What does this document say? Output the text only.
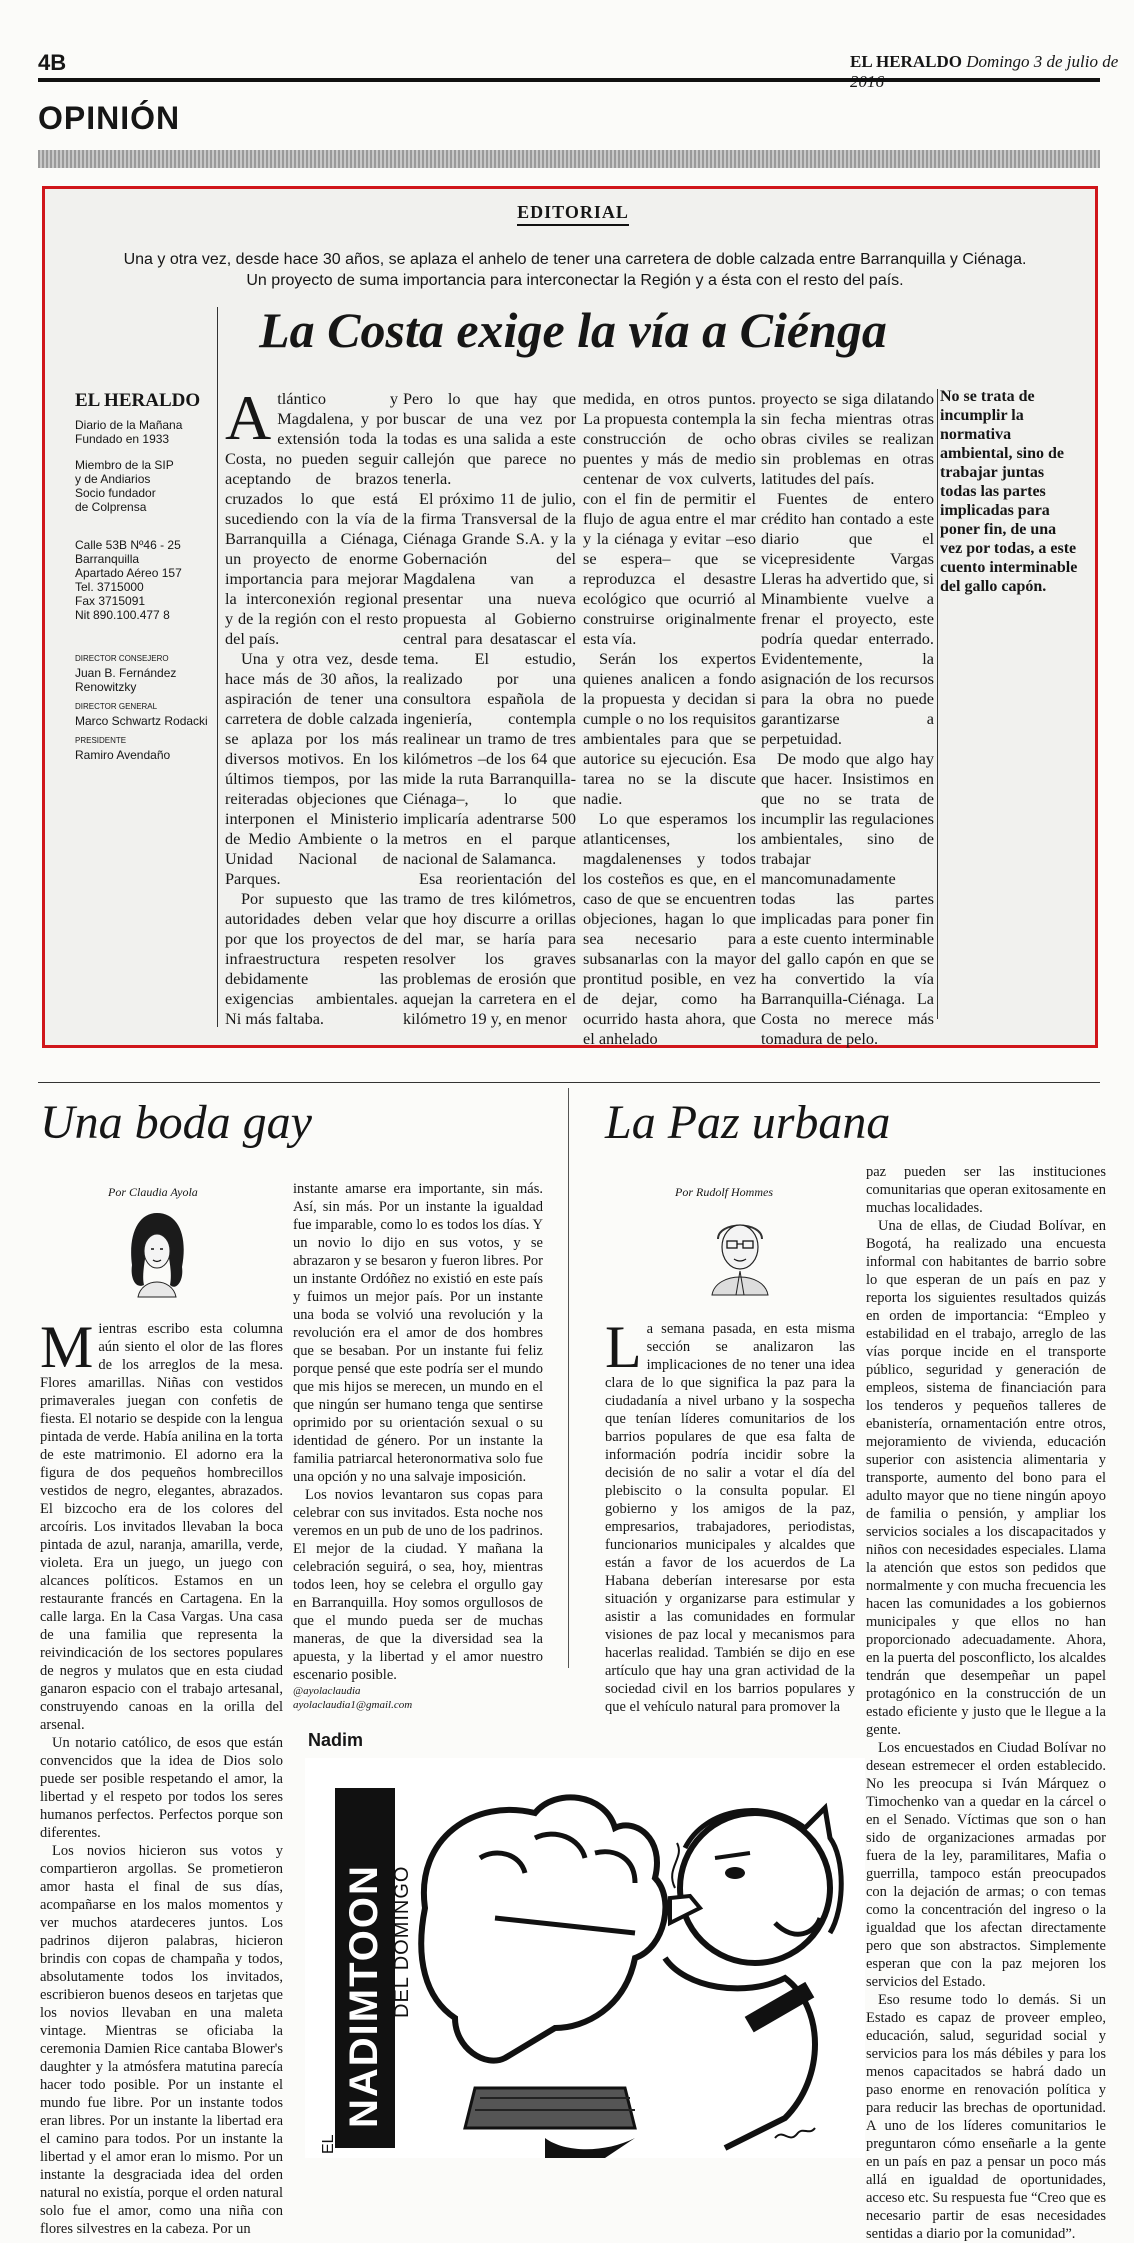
4B	EL HERALDO Domingo 3 de julio de
OPINIÓN
EDITORIAL
Una y otra vez, desde hace 30 años, se aplaza el anhelo de tener una carretera de doble calzada entre Barranquilla y Ciénaga. Un proyecto de suma importancia para interconectar la Región y a ésta con el resto del país.
La Costa exige la vía a Ciénga
EL HERALDO
Diario de la Mañana
Fundado en 1933
Miembro de la SIP
y de Andiarios
Socio fundador
de Colprensa
Calle 53B Nº46 - 25
Barranquilla
Apartado Aéreo 157
Tel. 3715000
Fax 3715091
Nit 890.100.477 8
DIRECTOR CONSEJERO
Juan B. Fernández
Renowitzky
DIRECTOR GENERAL
Marco Schwartz Rodacki
PRESIDENTE
Ramiro Avendaño
A tlántico y Magdalena, y por extensión toda la Costa, no pueden seguir aceptando de brazos cruzados lo que está sucediendo con la vía de Barranquilla a Ciénaga, un proyecto de enorme importancia para mejorar la interconexión regional y de la región con el resto del país.

Una y otra vez, desde hace más de 30 años, la aspiración de tener una carretera de doble calzada se aplaza por los más diversos motivos. En los últimos tiempos, por las reiteradas objeciones que interponen el Ministerio de Medio Ambiente o la Unidad Nacional de Parques.

Por supuesto que las autoridades deben velar por que los proyectos de infraestructura respeten debidamente las exigencias ambientales. Ni más faltaba.

Pero lo que hay que buscar de una vez por todas es una salida a este callejón que parece no tenerla.

El próximo 11 de julio, la firma Transversal de la Ciénaga Grande S.A. y la Gobernación del Magdalena van a presentar una nueva propuesta al Gobierno central para desatascar el tema. El estudio, realizado por una consultora española de ingeniería, contempla realinear un tramo de tres kilómetros –de los 64 que mide la ruta Barranquilla-Ciénaga–, lo que implicaría adentrarse 500 metros en el parque nacional de Salamanca.

Esa reorientación del tramo de tres kilómetros, que hoy discurre a orillas del mar, se haría para resolver los graves problemas de erosión que aquejan la carretera en el kilómetro 19 y, en menor

medida, en otros puntos. La propuesta contempla la construcción de ocho puentes y más de medio centenar de vox culverts, con el fin de permitir el flujo de agua entre el mar y la ciénaga y evitar –eso se espera– que se reproduzca el desastre ecológico que ocurrió al construirse originalmente esta vía.

Serán los expertos quienes analicen a fondo la propuesta y decidan si cumple o no los requisitos ambientales para que se autorice su ejecución. Esa tarea no se la discute nadie.

Lo que esperamos los atlanticenses, los magdalenenses y todos los costeños es que, en el caso de que se encuentren objeciones, hagan lo que sea necesario para subsanarlas con la mayor prontitud posible, en vez de dejar, como ha ocurrido hasta ahora, que el anhelado

proyecto se siga dilatando sin fecha mientras otras obras civiles se realizan sin problemas en otras latitudes del país.

Fuentes de entero crédito han contado a este diario que el vicepresidente Vargas Lleras ha advertido que, si Minambiente vuelve a frenar el proyecto, este podría quedar enterrado. Evidentemente, la asignación de los recursos para la obra no puede garantizarse a perpetuidad.

De modo que algo hay que hacer. Insistimos en que no se trata de incumplir las regulaciones ambientales, sino de trabajar mancomunadamente todas las partes implicadas para poner fin a este cuento interminable del gallo capón en que se ha convertido la vía Barranquilla-Ciénaga. La Costa no merece más tomadura de pelo.

No se trata de incumplir la normativa ambiental, sino de trabajar juntas todas las partes implicadas para poner fin, de una vez por todas, a este cuento interminable del gallo capón.
Una boda gay
Por Claudia Ayola
M ientras escribo esta columna aún siento el olor de las flores de los arreglos de la mesa. Flores amarillas. Niñas con vestidos primaverales juegan con confetis de fiesta. El notario se despide con la lengua pintada de verde. Había anilina en la torta de este matrimonio. El adorno era la figura de dos pequeños hombrecillos vestidos de negro, elegantes, abrazados. El bizcocho era de los colores del arcoíris. Los invitados llevaban la boca pintada de azul, naranja, amarilla, verde, violeta. Era un juego, un juego con alcances políticos. Estamos en un restaurante francés en Cartagena. En la calle larga. En la Casa Vargas. Una casa de una familia que representa la reivindicación de los sectores populares de negros y mulatos que en esta ciudad ganaron espacio con el trabajo artesanal, construyendo canoas en la orilla del arsenal.

Un notario católico, de esos que están convencidos que la idea de Dios solo puede ser posible respetando el amor, la libertad y el respeto por todos los seres humanos perfectos. Perfectos porque son diferentes.

Los novios hicieron sus votos y compartieron argollas. Se prometieron amor hasta el final de sus días, acompañarse en los malos momentos y ver muchos atardeceres juntos. Los padrinos dijeron palabras, hicieron brindis con copas de champaña y todos, absolutamente todos los invitados, escribieron buenos deseos en tarjetas que los novios llevaban en una maleta vintage. Mientras se oficiaba la ceremonia Damien Rice cantaba Blower's daughter y la atmósfera matutina parecía hacer todo posible. Por un instante el mundo fue libre. Por un instante todos eran libres. Por un instante la libertad era el camino para todos. Por un instante la libertad y el amor eran lo mismo. Por un instante la desgraciada idea del orden natural no existía, porque el orden natural solo fue el amor, como una niña con flores silvestres en la cabeza. Por un

instante amarse era importante, sin más. Así, sin más. Por un instante la igualdad fue imparable, como lo es todos los días. Y un novio lo dijo en sus votos, y se abrazaron y se besaron y fueron libres. Por un instante Ordóñez no existió en este país y fuimos un mejor país. Por un instante una boda se volvió una revolución y la revolución era el amor de dos hombres que se besaban. Por un instante fui feliz porque pensé que este podría ser el mundo que mis hijos se merecen, un mundo en el que ningún ser humano tenga que sentirse oprimido por su orientación sexual o su identidad de género. Por un instante la familia patriarcal heteronormativa solo fue una opción y no una salvaje imposición.

Los novios levantaron sus copas para celebrar con sus invitados. Esta noche nos veremos en un pub de uno de los padrinos. El mejor de la ciudad. Y mañana la celebración seguirá, o sea, hoy, mientras todos leen, hoy se celebra el orgullo gay en Barranquilla. Hoy somos orgullosos de que el mundo pueda ser de muchas maneras, de que la diversidad sea la apuesta, y la libertad y el amor nuestro escenario posible.

@ayolaclaudia
ayolaclaudia1@gmail.com
La Paz urbana
Por Rudolf Hommes
L a semana pasada, en esta misma sección se analizaron las implicaciones de no tener una idea clara de lo que significa la paz para la ciudadanía a nivel urbano y la sospecha que tenían líderes comunitarios de los barrios populares de que esa falta de información podría incidir sobre la decisión de no salir a votar el día del plebiscito o la consulta popular. El gobierno y los amigos de la paz, empresarios, trabajadores, periodistas, funcionarios municipales y alcaldes que están a favor de los acuerdos de La Habana deberían interesarse por esta situación y organizarse para estimular y asistir a las comunidades en formular visiones de paz local y mecanismos para hacerlas realidad. También se dijo en ese artículo que hay una gran actividad de la sociedad civil en los barrios populares y que el vehículo natural para promover la

paz pueden ser las instituciones comunitarias que operan exitosamente en muchas localidades.

Una de ellas, de Ciudad Bolívar, en Bogotá, ha realizado una encuesta informal con habitantes de barrio sobre lo que esperan de un país en paz y reporta los siguientes resultados quizás en orden de importancia: “Empleo y estabilidad en el trabajo, arreglo de las vías porque incide en el transporte público, seguridad y generación de empleos, sistema de financiación para los tenderos y pequeños talleres de ebanistería, ornamentación entre otros, mejoramiento de vivienda, educación superior con asistencia alimentaria y transporte, aumento del bono para el adulto mayor que no tiene ningún apoyo de familia o pensión, y ampliar los servicios sociales a los discapacitados y niños con necesidades especiales. Llama la atención que estos son pedidos que normalmente y con mucha frecuencia les hacen las comunidades a los gobiernos municipales y que ellos no han proporcionado adecuadamente. Ahora, en la puerta del posconflicto, los alcaldes tendrán que desempeñar un papel protagónico en la construcción de un estado eficiente y justo que le llegue a la gente.

Los encuestados en Ciudad Bolívar no desean estremecer el orden establecido. No les preocupa si Iván Márquez o Timochenko van a quedar en la cárcel o en el Senado. Víctimas que son o han sido de organizaciones armadas por fuera de la ley, paramilitares, Mafia o guerrilla, tampoco están preocupados con la dejación de armas; o con temas como la concentración del ingreso o la igualdad que los afectan directamente pero que son abstractos. Simplemente esperan que con la paz mejoren los servicios del Estado.

Eso resume todo lo demás. Si un Estado es capaz de proveer empleo, educación, salud, seguridad social y servicios para los más débiles y para los menos capacitados se habrá dado un paso enorme en renovación política y para reducir las brechas de oportunidad. A uno de los líderes comunitarios le preguntaron cómo enseñarle a la gente en un país en paz a pensar un poco más allá en igualdad de oportunidades, acceso etc. Su respuesta fue “Creo que es necesario partir de esas necesidades sentidas a diario por la comunidad”.

Nadim
NADIMTOON DEL DOMINGO
EL
